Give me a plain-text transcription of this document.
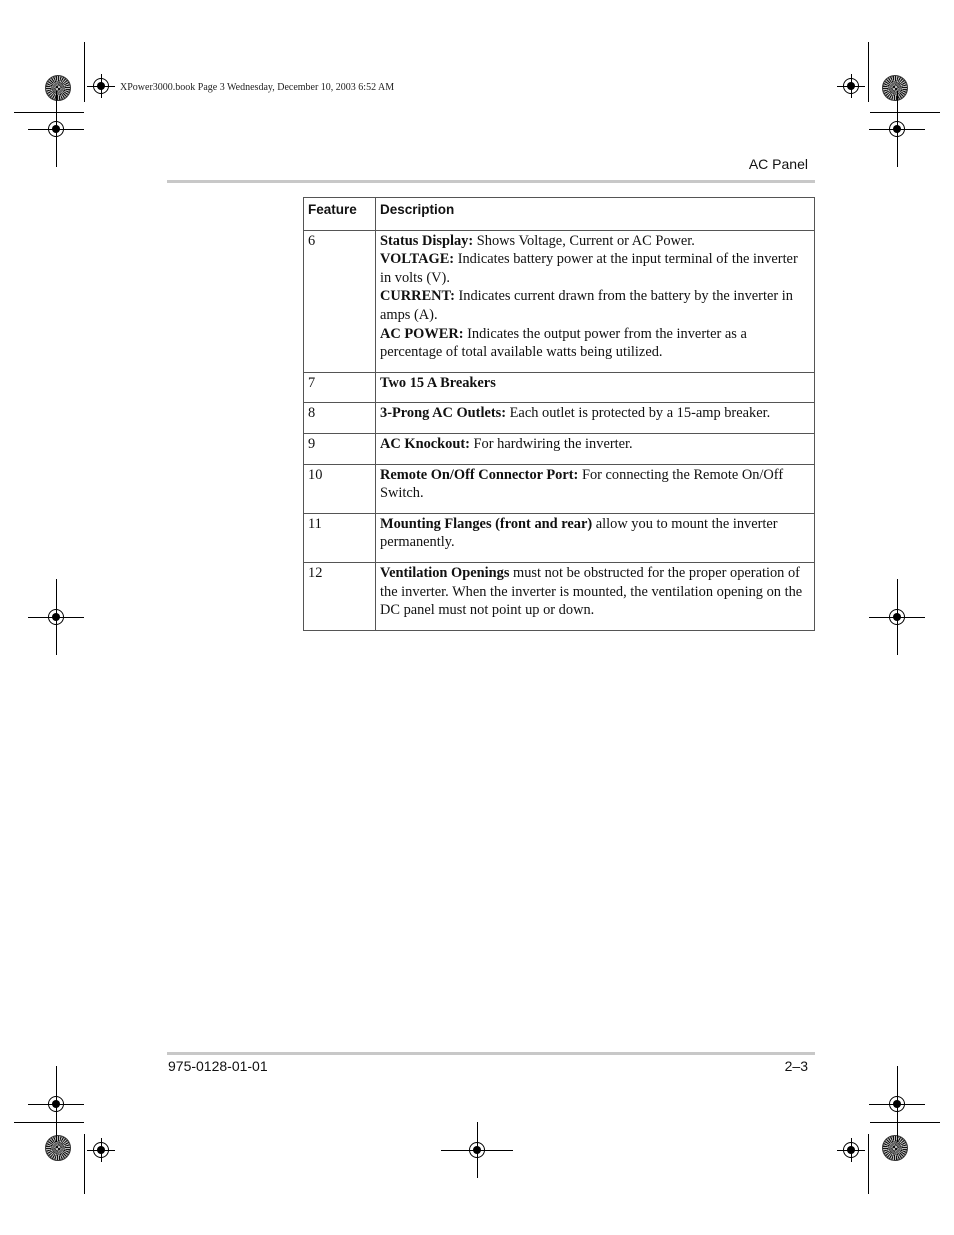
XPower3000.book Page 3 Wednesday, December 10, 2003 6:52 AM
AC Panel
Feature	Description
6	Status Display: Shows Voltage, Current or AC Power.
VOLTAGE: Indicates battery power at the input terminal of the inverter in volts (V).
CURRENT: Indicates current drawn from the battery by the inverter in amps (A).
AC POWER: Indicates the output power from the inverter as a percentage of total available watts being utilized.

7	Two 15 A Breakers

8	3-Prong AC Outlets: Each outlet is protected by a 15-amp breaker.

9	AC Knockout: For hardwiring the inverter.

10	Remote On/Off Connector Port: For connecting the Remote On/Off Switch.

11	Mounting Flanges (front and rear) allow you to mount the inverter permanently.

12	Ventilation Openings must not be obstructed for the proper operation of the inverter. When the inverter is mounted, the ventilation opening on the DC panel must not point up or down.
975-0128-01-01	2–3
